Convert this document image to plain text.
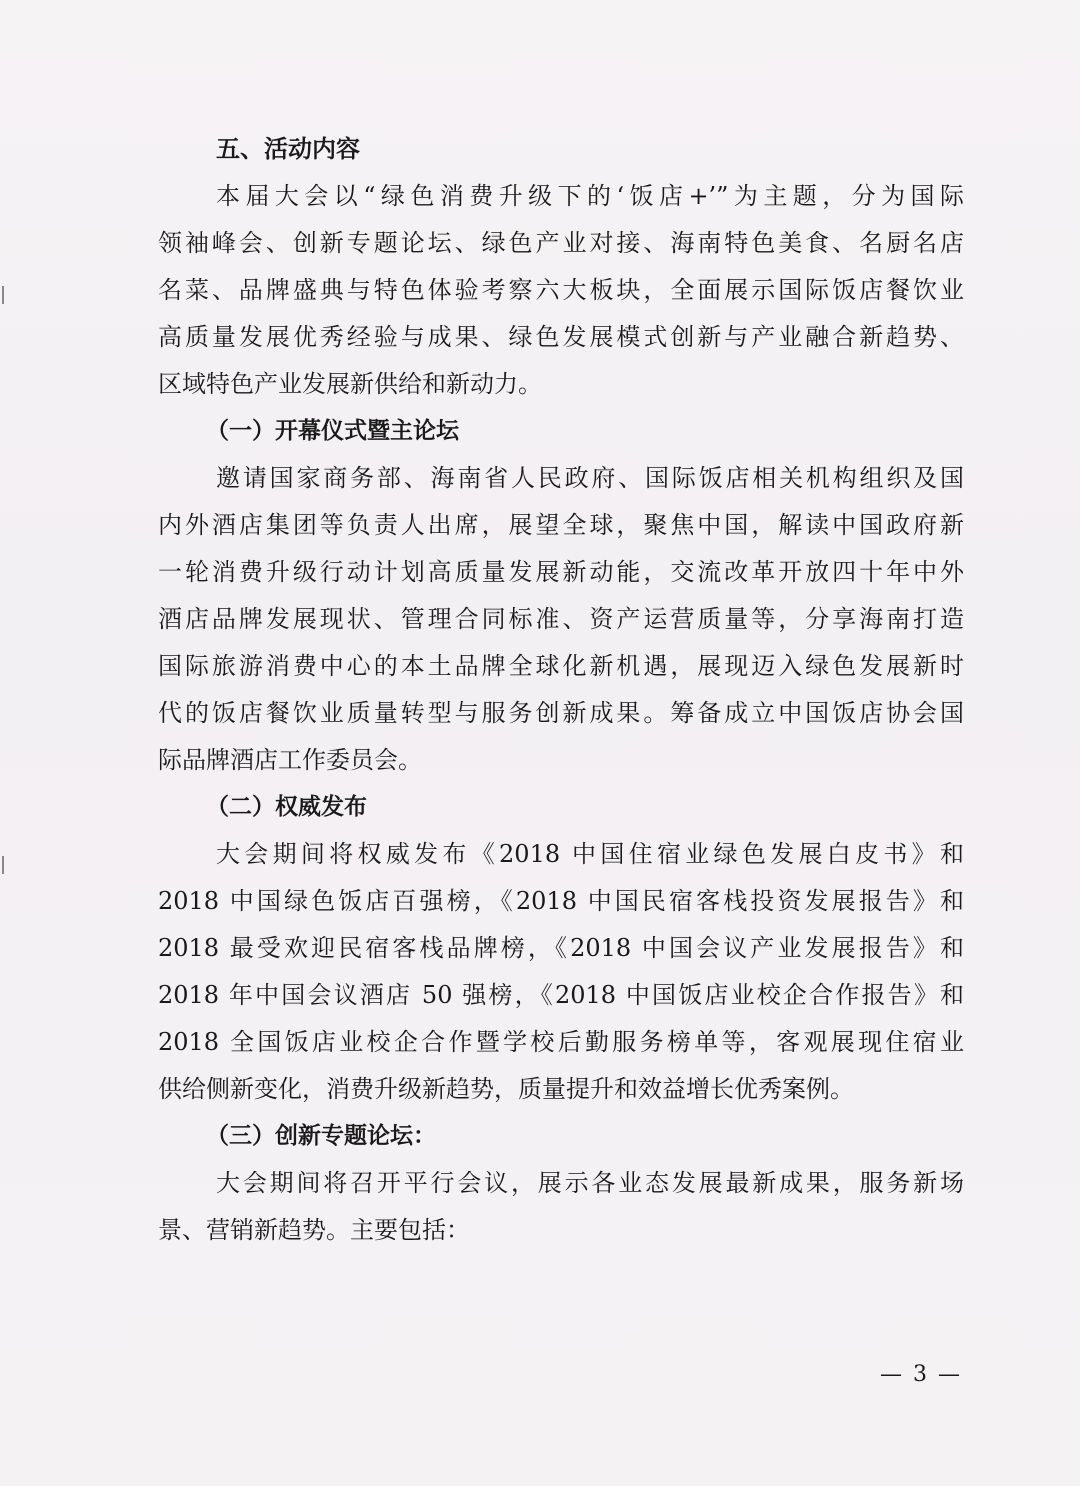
五、活动内容
本届大会以“绿色消费升级下的‘饭店+’”为主题，分为国际
领袖峰会、创新专题论坛、绿色产业对接、海南特色美食、名厨名店
名菜、品牌盛典与特色体验考察六大板块，全面展示国际饭店餐饮业
高质量发展优秀经验与成果、绿色发展模式创新与产业融合新趋势、
区域特色产业发展新供给和新动力。
（一）开幕仪式暨主论坛
邀请国家商务部、海南省人民政府、国际饭店相关机构组织及国
内外酒店集团等负责人出席，展望全球，聚焦中国，解读中国政府新
一轮消费升级行动计划高质量发展新动能，交流改革开放四十年中外
酒店品牌发展现状、管理合同标准、资产运营质量等，分享海南打造
国际旅游消费中心的本土品牌全球化新机遇，展现迈入绿色发展新时
代的饭店餐饮业质量转型与服务创新成果。筹备成立中国饭店协会国
际品牌酒店工作委员会。
（二）权威发布
大会期间将权威发布《2018 中国住宿业绿色发展白皮书》和
2018 中国绿色饭店百强榜，《2018 中国民宿客栈投资发展报告》和
2018 最受欢迎民宿客栈品牌榜，《2018 中国会议产业发展报告》和
2018 年中国会议酒店 50 强榜，《2018 中国饭店业校企合作报告》和
2018 全国饭店业校企合作暨学校后勤服务榜单等，客观展现住宿业
供给侧新变化，消费升级新趋势，质量提升和效益增长优秀案例。
（三）创新专题论坛：
大会期间将召开平行会议，展示各业态发展最新成果，服务新场
景、营销新趋势。主要包括：
— 3 —
